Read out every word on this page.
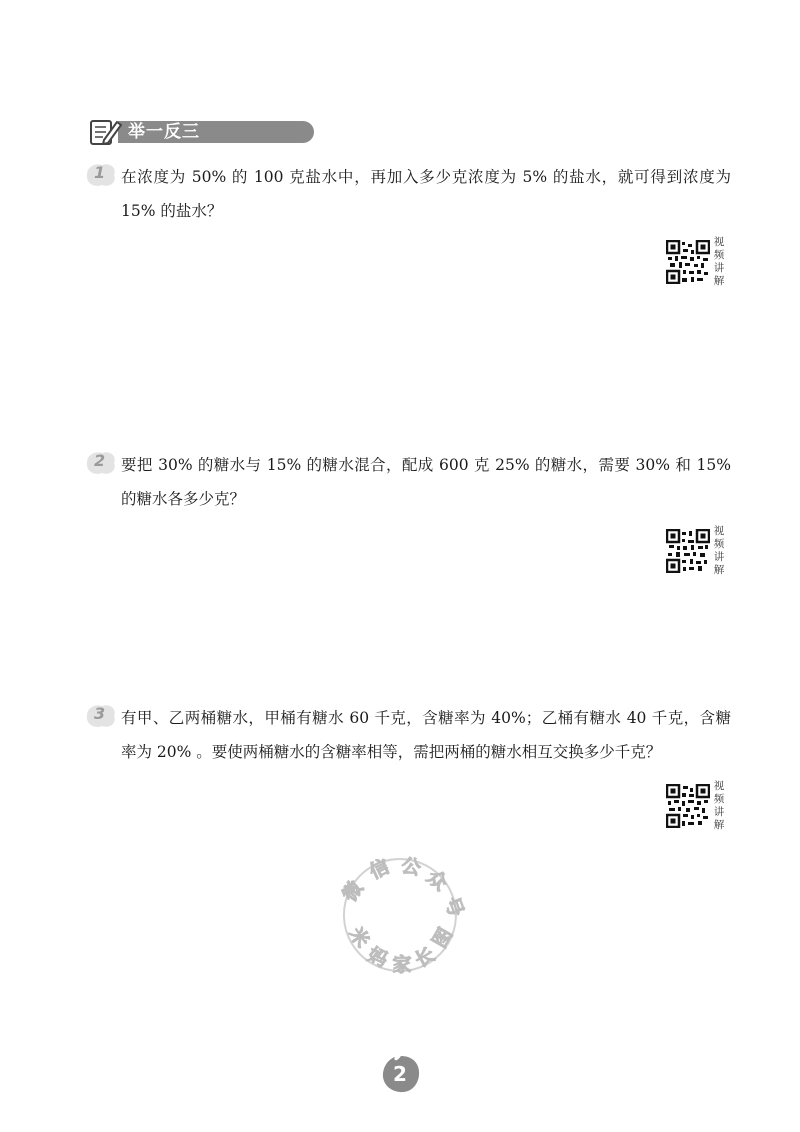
举一反三
1 在浓度为 50% 的 100 克盐水中，再加入多少克浓度为 5% 的盐水，就可得到浓度为 15% 的盐水？
视频讲解
2 要把 30% 的糖水与 15% 的糖水混合，配成 600 克 25% 的糖水，需要 30% 和 15% 的糖水各多少克？
视频讲解
3 有甲、乙两桶糖水，甲桶有糖水 60 千克，含糖率为 40%；乙桶有糖水 40 千克，含糖率为 20% 。要使两桶糖水的含糖率相等，需把两桶的糖水相互交换多少千克？
视频讲解
微
信 公 众
号
图
长
家
妈
米
2
